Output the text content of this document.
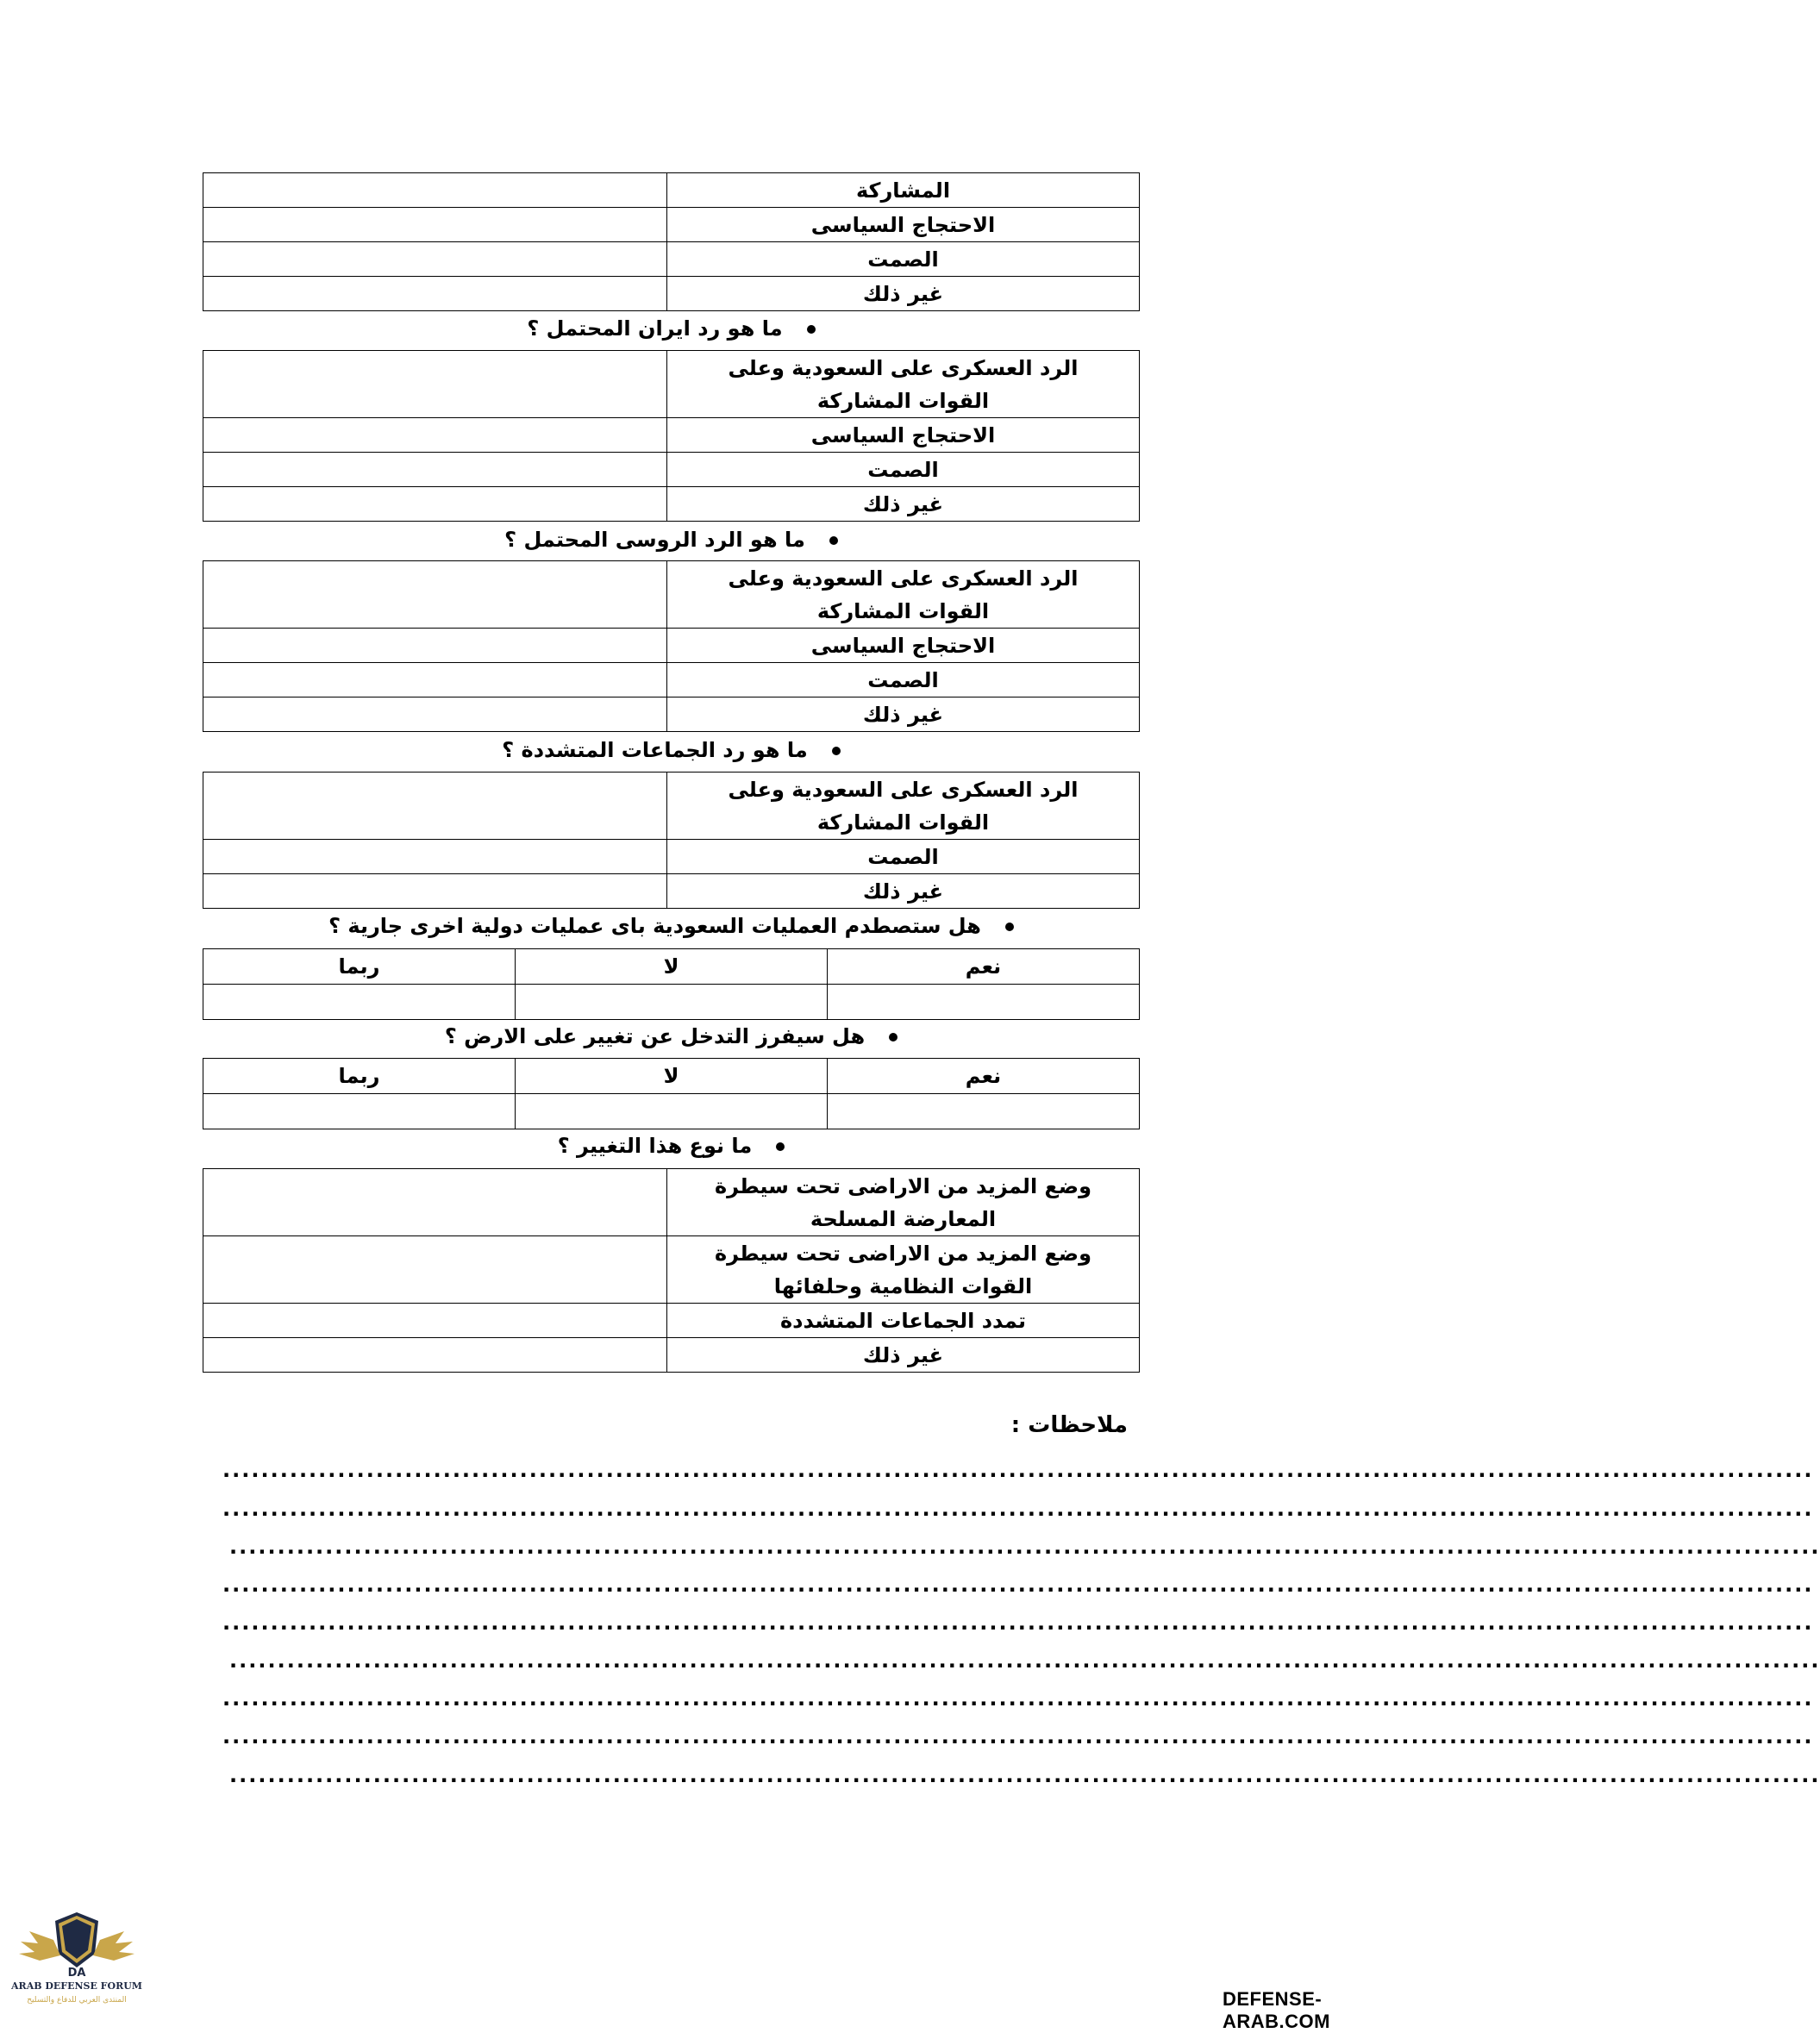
	المشاركة
	الاحتجاج السياسى
	الصمت
	غير ذلك
ما هو رد ايران المحتمل ؟
	الرد العسكرى على السعودية وعلى القوات المشاركة
	الاحتجاج السياسى
	الصمت
	غير ذلك
ما هو الرد الروسى المحتمل ؟
	الرد العسكرى على السعودية وعلى القوات المشاركة
	الاحتجاج السياسى
	الصمت
	غير ذلك
ما هو رد الجماعات المتشددة ؟
	الرد العسكرى على السعودية وعلى القوات المشاركة
	الصمت
	غير ذلك
هل ستصطدم العمليات السعودية باى عمليات دولية اخرى جارية ؟
ربما	لا	نعم

هل سيفرز التدخل عن تغيير على الارض ؟
ربما	لا	نعم

ما نوع هذا التغيير ؟
	وضع المزيد من الاراضى تحت سيطرة المعارضة المسلحة
	وضع المزيد من الاراضى تحت سيطرة القوات النظامية وحلفائها
	تمدد الجماعات المتشددة
	غير ذلك
ملاحظات :
......................................................................................................................................................................
......................................................................................................................................................................
......................................................................................................................................................................
......................................................................................................................................................................
......................................................................................................................................................................
......................................................................................................................................................................
......................................................................................................................................................................
......................................................................................................................................................................
......................................................................................................................................................................
DA
ARAB DEFENSE FORUM
المنتدى العربي للدفاع والتسليح	DEFENSE-ARAB.COM
